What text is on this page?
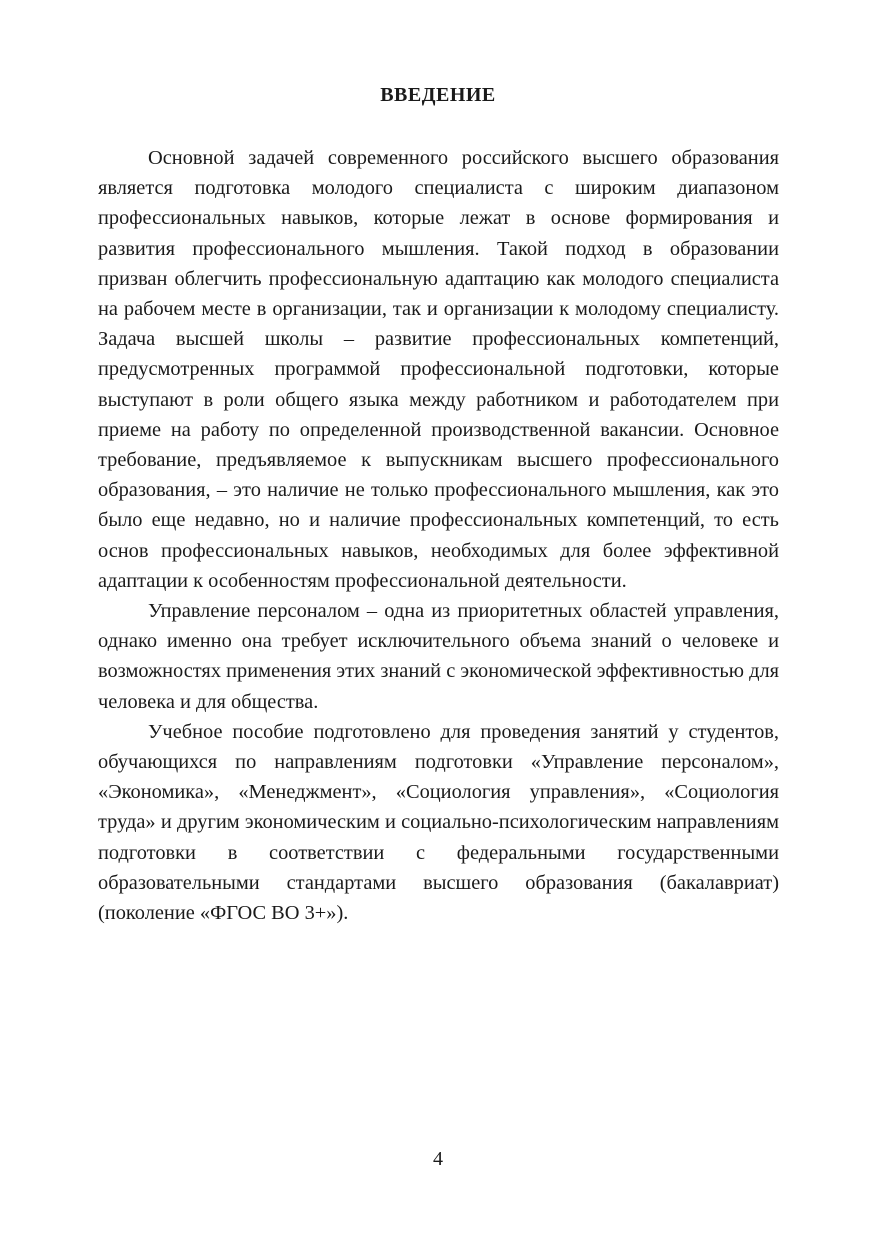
ВВЕДЕНИЕ

Основной задачей современного российского высшего образования является подготовка молодого специалиста с широким диапазоном профессиональных навыков, которые лежат в основе формирования и развития профессионального мышления. Такой подход в образовании призван облегчить профессиональную адаптацию как молодого специалиста на рабочем месте в организации, так и организации к молодому специалисту. Задача высшей школы – развитие профессиональных компетенций, предусмотренных программой профессиональной подготовки, которые выступают в роли общего языка между работником и работодателем при приеме на работу по определенной производственной вакансии. Основное требование, предъявляемое к выпускникам высшего профессионального образования, – это наличие не только профессионального мышления, как это было еще недавно, но и наличие профессиональных компетенций, то есть основ профессиональных навыков, необходимых для более эффективной адаптации к особенностям профессиональной деятельности.

Управление персоналом – одна из приоритетных областей управления, однако именно она требует исключительного объема знаний о человеке и возможностях применения этих знаний с экономической эффективностью для человека и для общества.

Учебное пособие подготовлено для проведения занятий у студентов, обучающихся по направлениям подготовки «Управление персоналом», «Экономика», «Менеджмент», «Социология управления», «Социология труда» и другим экономическим и социально-психологическим направлениям подготовки в соответствии с федеральными государственными образовательными стандартами высшего образования (бакалавриат) (поколение «ФГОС ВО 3+»).

4
